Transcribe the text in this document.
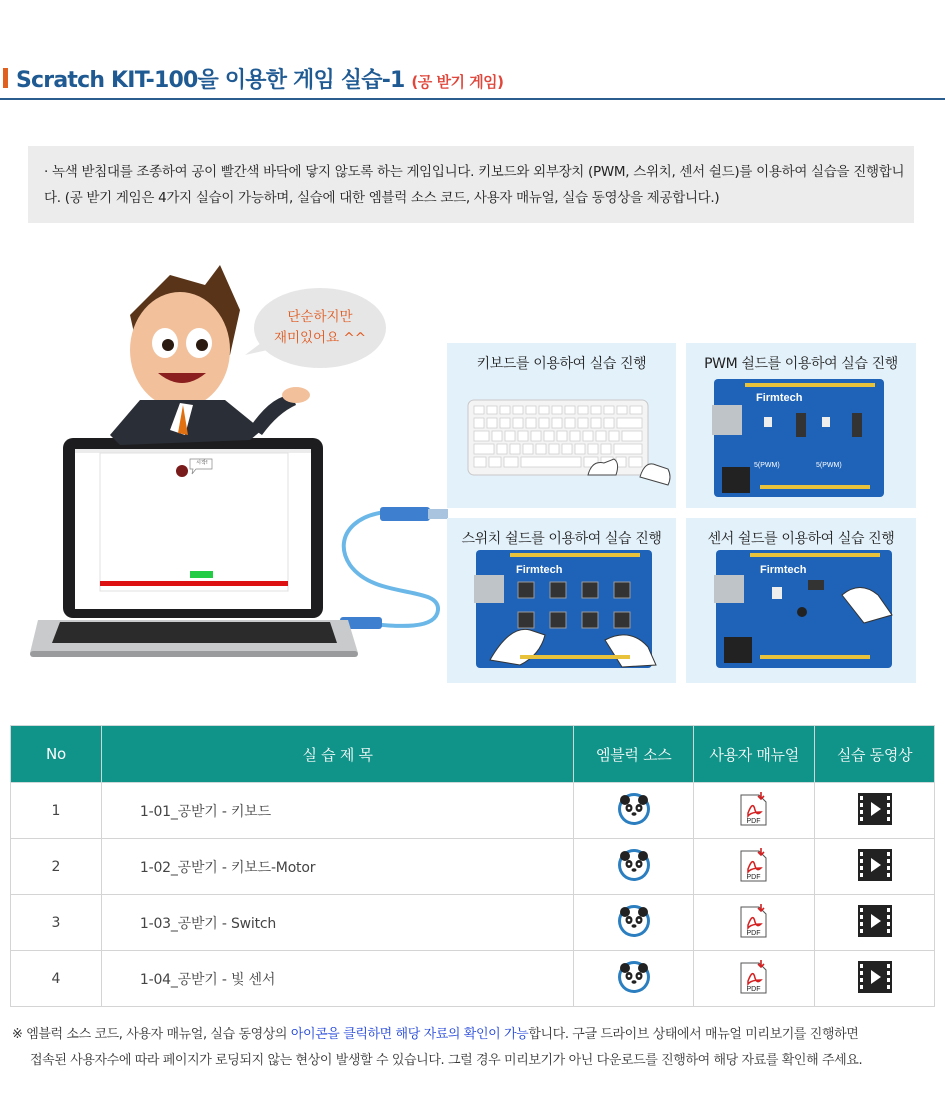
Scratch KIT-100을 이용한 게임 실습-1 (공 받기 게임)
· 녹색 받침대를 조종하여 공이 빨간색 바닥에 닿지 않도록 하는 게임입니다. 키보드와 외부장치 (PWM, 스위치, 센서 쉴드)를 이용하여 실습을 진행합니다. (공 받기 게임은 4가지 실습이 가능하며, 실습에 대한 엠블럭 소스 코드, 사용자 매뉴얼, 실습 동영상을 제공합니다.)
Firmtech
5(PWM)	5(PWM)
Firmtech	Firmtech
단순하지만
재미있어요 ^^
시작!
키보드를 이용하여 실습 진행	PWM 쉴드를 이용하여 실습 진행
스위치 쉴드를 이용하여 실습 진행	센서 쉴드를 이용하여 실습 진행
No	실 습 제 목	엠블럭 소스	사용자 매뉴얼	실습 동영상
1	1-01_공받기 - 키보드		PDF

2	1-02_공받기 - 키보드-Motor		PDF

3	1-03_공받기 - Switch		PDF

4	1-04_공받기 - 빛 센서		PDF

※ 엠블럭 소스 코드, 사용자 매뉴얼, 실습 동영상의 아이콘을 클릭하면 해당 자료의 확인이 가능합니다. 구글 드라이브 상태에서 매뉴얼 미리보기를 진행하면
접속된 사용자수에 따라 페이지가 로딩되지 않는 현상이 발생할 수 있습니다. 그럴 경우 미리보기가 아닌 다운로드를 진행하여 해당 자료를 확인해 주세요.
